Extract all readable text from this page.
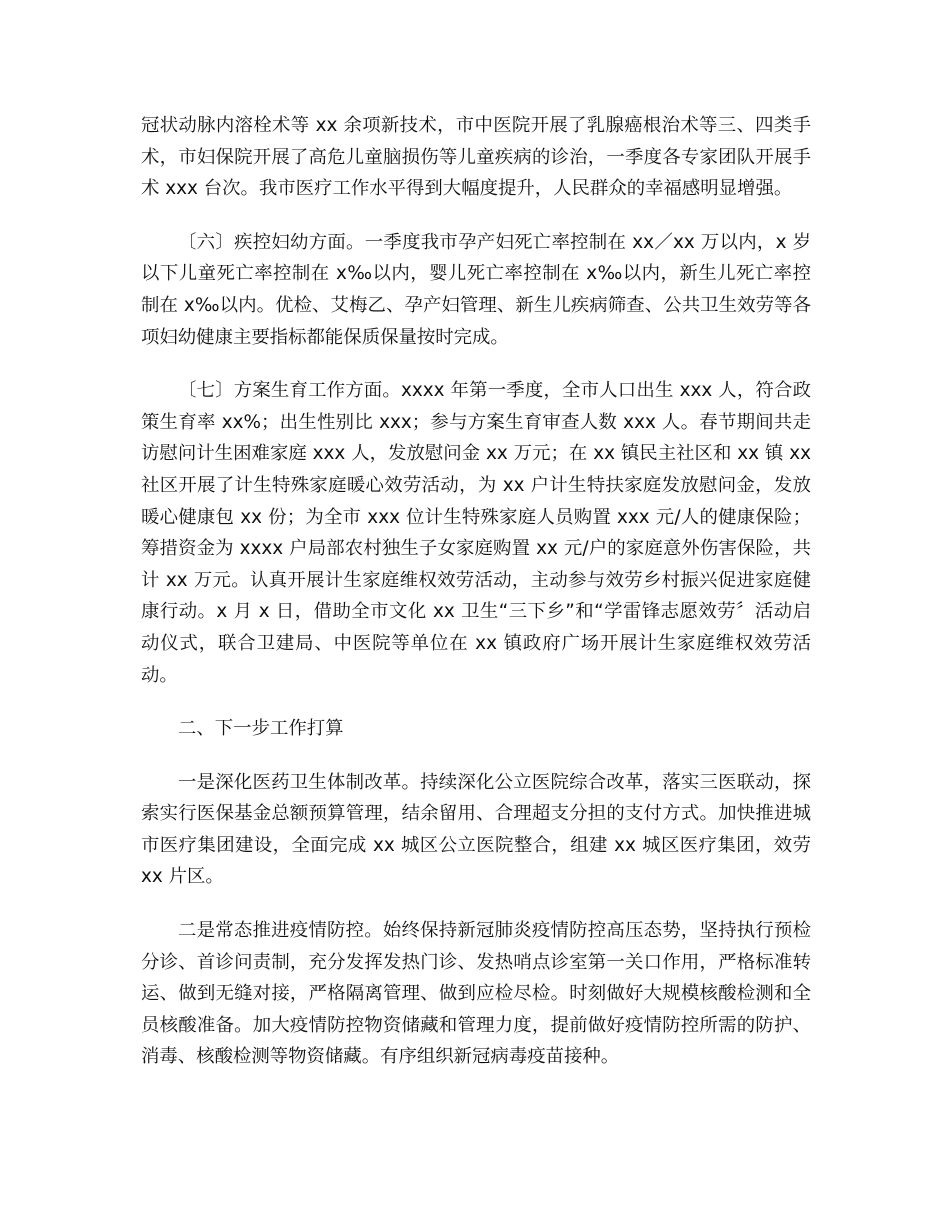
冠状动脉内溶栓术等 xx 余项新技术，市中医院开展了乳腺癌根治术等三、四类手术，市妇保院开展了高危儿童脑损伤等儿童疾病的诊治，一季度各专家团队开展手术 xxx 台次。我市医疗工作水平得到大幅度提升，人民群众的幸福感明显增强。

〔六〕疾控妇幼方面。一季度我市孕产妇死亡率控制在 xx／xx 万以内，x 岁以下儿童死亡率控制在 x‰以内，婴儿死亡率控制在 x‰以内，新生儿死亡率控制在 x‰以内。优检、艾梅乙、孕产妇管理、新生儿疾病筛查、公共卫生效劳等各项妇幼健康主要指标都能保质保量按时完成。

〔七〕方案生育工作方面。xxxx 年第一季度，全市人口出生 xxx 人，符合政策生育率 xx%；出生性别比 xxx；参与方案生育审查人数 xxx 人。春节期间共走访慰问计生困难家庭 xxx 人，发放慰问金 xx 万元；在 xx 镇民主社区和 xx 镇 xx 社区开展了计生特殊家庭暖心效劳活动，为 xx 户计生特扶家庭发放慰问金，发放暖心健康包 xx 份；为全市 xxx 位计生特殊家庭人员购置 xxx 元/人的健康保险；筹措资金为 xxxx 户局部农村独生子女家庭购置 xx 元/户的家庭意外伤害保险，共计 xx 万元。认真开展计生家庭维权效劳活动，主动参与效劳乡村振兴促进家庭健康行动。x 月 x 日，借助全市文化 xx 卫生“三下乡”和“学雷锋志愿效劳〞活动启动仪式，联合卫建局、中医院等单位在 xx 镇政府广场开展计生家庭维权效劳活动。

二、下一步工作打算

一是深化医药卫生体制改革。持续深化公立医院综合改革，落实三医联动，探索实行医保基金总额预算管理，结余留用、合理超支分担的支付方式。加快推进城市医疗集团建设，全面完成 xx 城区公立医院整合，组建 xx 城区医疗集团，效劳 xx 片区。

二是常态推进疫情防控。始终保持新冠肺炎疫情防控高压态势，坚持执行预检分诊、首诊问责制，充分发挥发热门诊、发热哨点诊室第一关口作用，严格标准转运、做到无缝对接，严格隔离管理、做到应检尽检。时刻做好大规模核酸检测和全员核酸准备。加大疫情防控物资储藏和管理力度，提前做好疫情防控所需的防护、消毒、核酸检测等物资储藏。有序组织新冠病毒疫苗接种。
